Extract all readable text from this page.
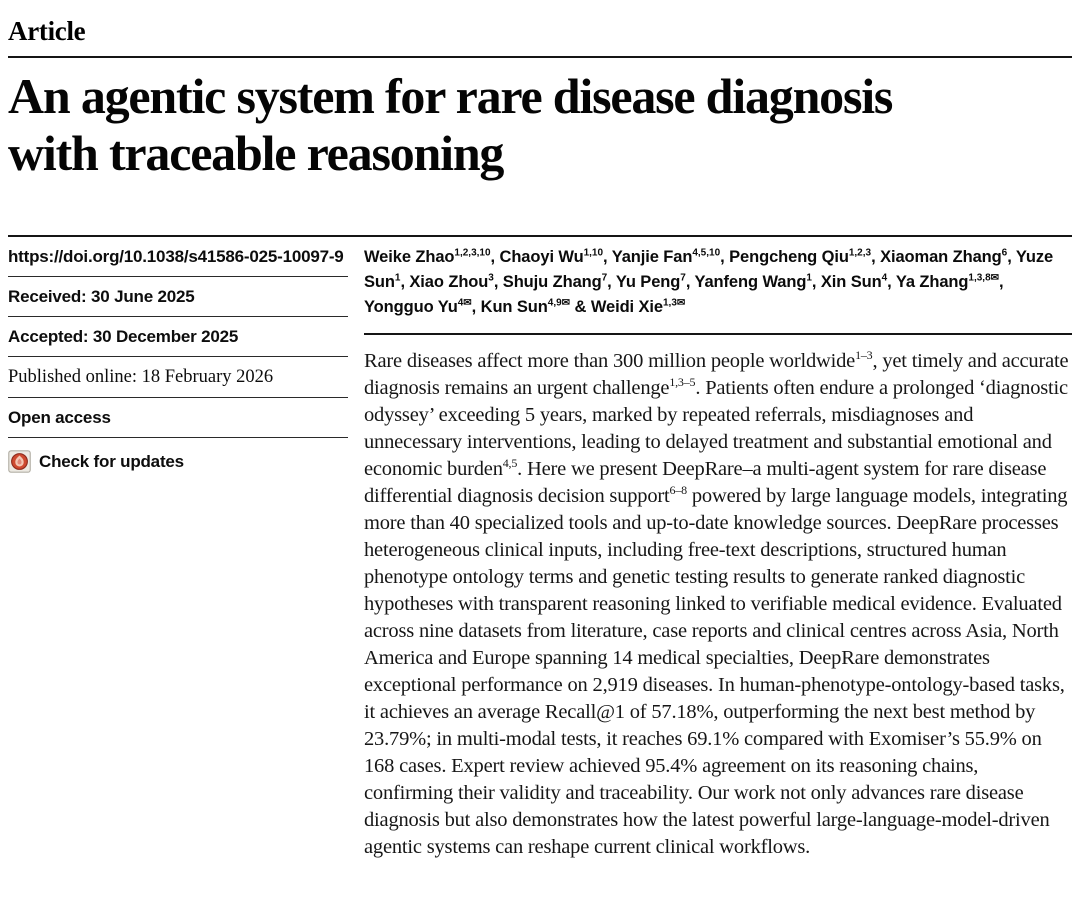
Article
An agentic system for rare disease diagnosis
with traceable reasoning
https://doi.org/10.1038/s41586-025-10097-9
Received: 30 June 2025
Accepted: 30 December 2025
Published online: 18 February 2026
Open access
Check for updates
Weike Zhao$^{1,2,3,10}$, Chaoyi Wu$^{1,10}$, Yanjie Fan$^{4,5,10}$, Pengcheng Qiu$^{1,2,3}$, Xiaoman Zhang$^6$, Yuze Sun$^1$, Xiao Zhou$^3$, Shuju Zhang$^7$, Yu Peng$^7$, Yanfeng Wang$^1$, Xin Sun$^4$, Ya Zhang$^{1,3,8✉}$, Yongguo $Yu^{4✉}$, Kun Sun$^{4,9✉}$ & Weidi Xie$^{1,3✉}$
Rare diseases affect more than 300 million people worldwide$^{1-3}$, yet timely and accurate diagnosis remains an urgent challenge$^{1,3-5}$. Patients often endure a prolonged ‘diagnostic odyssey’ exceeding 5 years, marked by repeated referrals, misdiagnoses and unnecessary interventions, leading to delayed treatment and substantial emotional and economic burden$^{4,5}$. Here we present DeepRare–a multi-agent system for rare disease differential diagnosis decision support$^{6-8}$ powered by large language models, integrating more than 40 specialized tools and up-to-date knowledge sources. DeepRare processes heterogeneous clinical inputs, including free-text descriptions, structured human phenotype ontology terms and genetic testing results to generate ranked diagnostic hypotheses with transparent reasoning linked to verifiable medical evidence. Evaluated across nine datasets from literature, case reports and clinical centres across Asia, North America and Europe spanning 14 medical specialties, DeepRare demonstrates exceptional performance on 2,919 diseases. In human-phenotype-ontology-based tasks, it achieves an average Recall@1 of 57.18%, outperforming the next best method by 23.79%; in multi-modal tests, it reaches 69.1% compared with Exomiser’s 55.9% on 168 cases. Expert review achieved 95.4% agreement on its reasoning chains, confirming their validity and traceability. Our work not only advances rare disease diagnosis but also demonstrates how the latest powerful large-language-model-driven agentic systems can reshape current clinical workflows.
